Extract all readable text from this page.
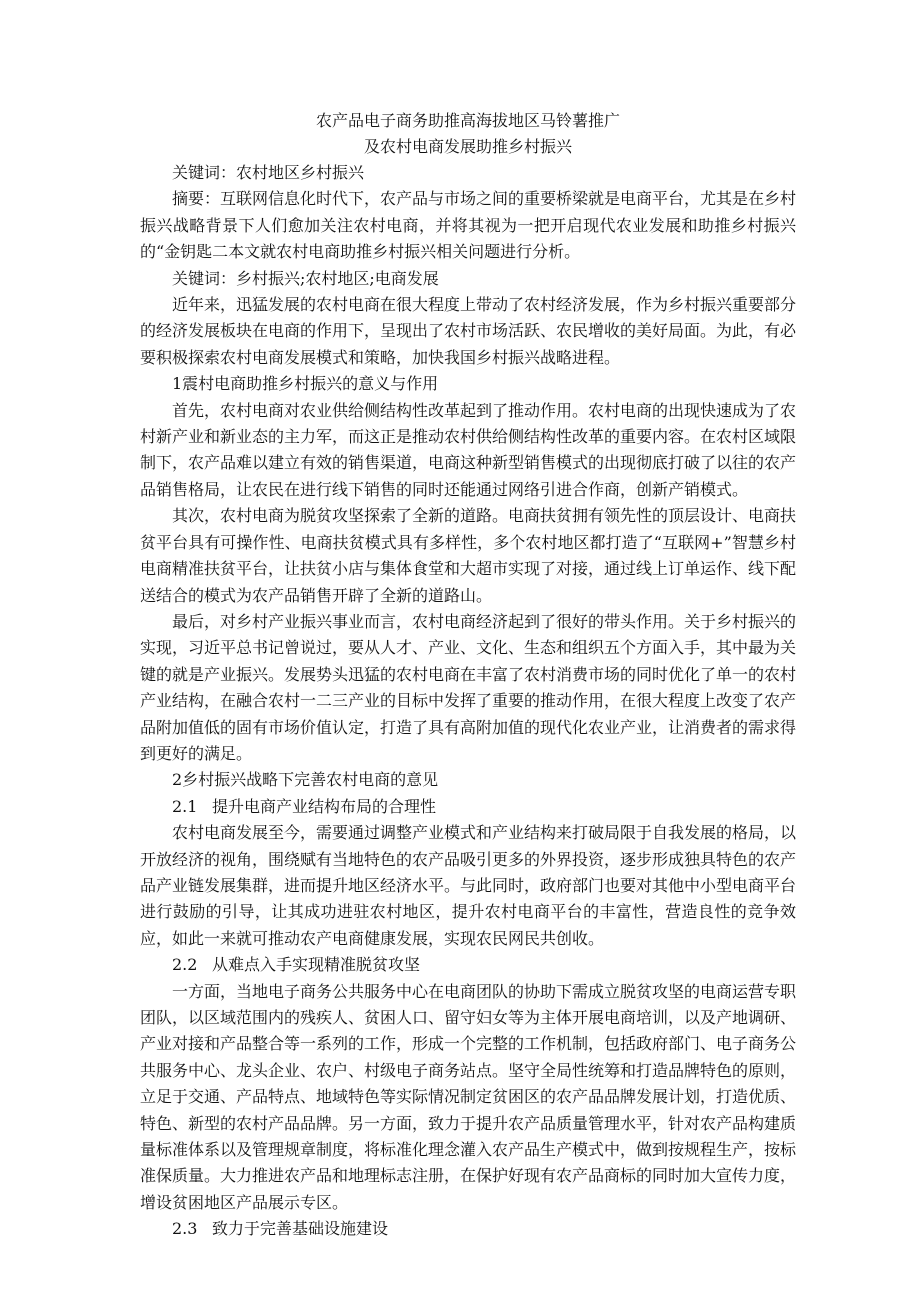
农产品电子商务助推高海拔地区马铃薯推广

及农村电商发展助推乡村振兴

关键词：农村地区乡村振兴

摘要：互联网信息化时代下，农产品与市场之间的重要桥梁就是电商平台，尤其是在乡村振兴战略背景下人们愈加关注农村电商，并将其视为一把开启现代农业发展和助推乡村振兴的“金钥匙二本文就农村电商助推乡村振兴相关问题进行分析。

关键词：乡村振兴;农村地区;电商发展

近年来，迅猛发展的农村电商在很大程度上带动了农村经济发展，作为乡村振兴重要部分的经济发展板块在电商的作用下，呈现出了农村市场活跃、农民增收的美好局面。为此，有必要积极探索农村电商发展模式和策略，加快我国乡村振兴战略进程。

1震村电商助推乡村振兴的意义与作用

首先，农村电商对农业供给侧结构性改革起到了推动作用。农村电商的出现快速成为了农村新产业和新业态的主力军，而这正是推动农村供给侧结构性改革的重要内容。在农村区域限制下，农产品难以建立有效的销售渠道，电商这种新型销售模式的出现彻底打破了以往的农产品销售格局，让农民在进行线下销售的同时还能通过网络引进合作商，创新产销模式。

其次，农村电商为脱贫攻坚探索了全新的道路。电商扶贫拥有领先性的顶层设计、电商扶贫平台具有可操作性、电商扶贫模式具有多样性，多个农村地区都打造了“互联网+”智慧乡村电商精准扶贫平台，让扶贫小店与集体食堂和大超市实现了对接，通过线上订单运作、线下配送结合的模式为农产品销售开辟了全新的道路山。

最后，对乡村产业振兴事业而言，农村电商经济起到了很好的带头作用。关于乡村振兴的实现，习近平总书记曾说过，要从人才、产业、文化、生态和组织五个方面入手，其中最为关键的就是产业振兴。发展势头迅猛的农村电商在丰富了农村消费市场的同时优化了单一的农村产业结构，在融合农村一二三产业的目标中发挥了重要的推动作用，在很大程度上改变了农产品附加值低的固有市场价值认定，打造了具有高附加值的现代化农业产业，让消费者的需求得到更好的满足。

2乡村振兴战略下完善农村电商的意见

2.1 提升电商产业结构布局的合理性

农村电商发展至今，需要通过调整产业模式和产业结构来打破局限于自我发展的格局，以开放经济的视角，围绕赋有当地特色的农产品吸引更多的外界投资，逐步形成独具特色的农产品产业链发展集群，进而提升地区经济水平。与此同时，政府部门也要对其他中小型电商平台进行鼓励的引导，让其成功进驻农村地区，提升农村电商平台的丰富性，营造良性的竞争效应，如此一来就可推动农产电商健康发展，实现农民网民共创收。

2.2 从难点入手实现精准脱贫攻坚

一方面，当地电子商务公共服务中心在电商团队的协助下需成立脱贫攻坚的电商运营专职团队，以区域范围内的残疾人、贫困人口、留守妇女等为主体开展电商培训，以及产地调研、产业对接和产品整合等一系列的工作，形成一个完整的工作机制，包括政府部门、电子商务公共服务中心、龙头企业、农户、村级电子商务站点。坚守全局性统筹和打造品牌特色的原则，立足于交通、产品特点、地域特色等实际情况制定贫困区的农产品品牌发展计划，打造优质、特色、新型的农村产品品牌。另一方面，致力于提升农产品质量管理水平，针对农产品构建质量标准体系以及管理规章制度，将标准化理念灌入农产品生产模式中，做到按规程生产，按标准保质量。大力推进农产品和地理标志注册，在保护好现有农产品商标的同时加大宣传力度，增设贫困地区产品展示专区。

2.3 致力于完善基础设施建设
